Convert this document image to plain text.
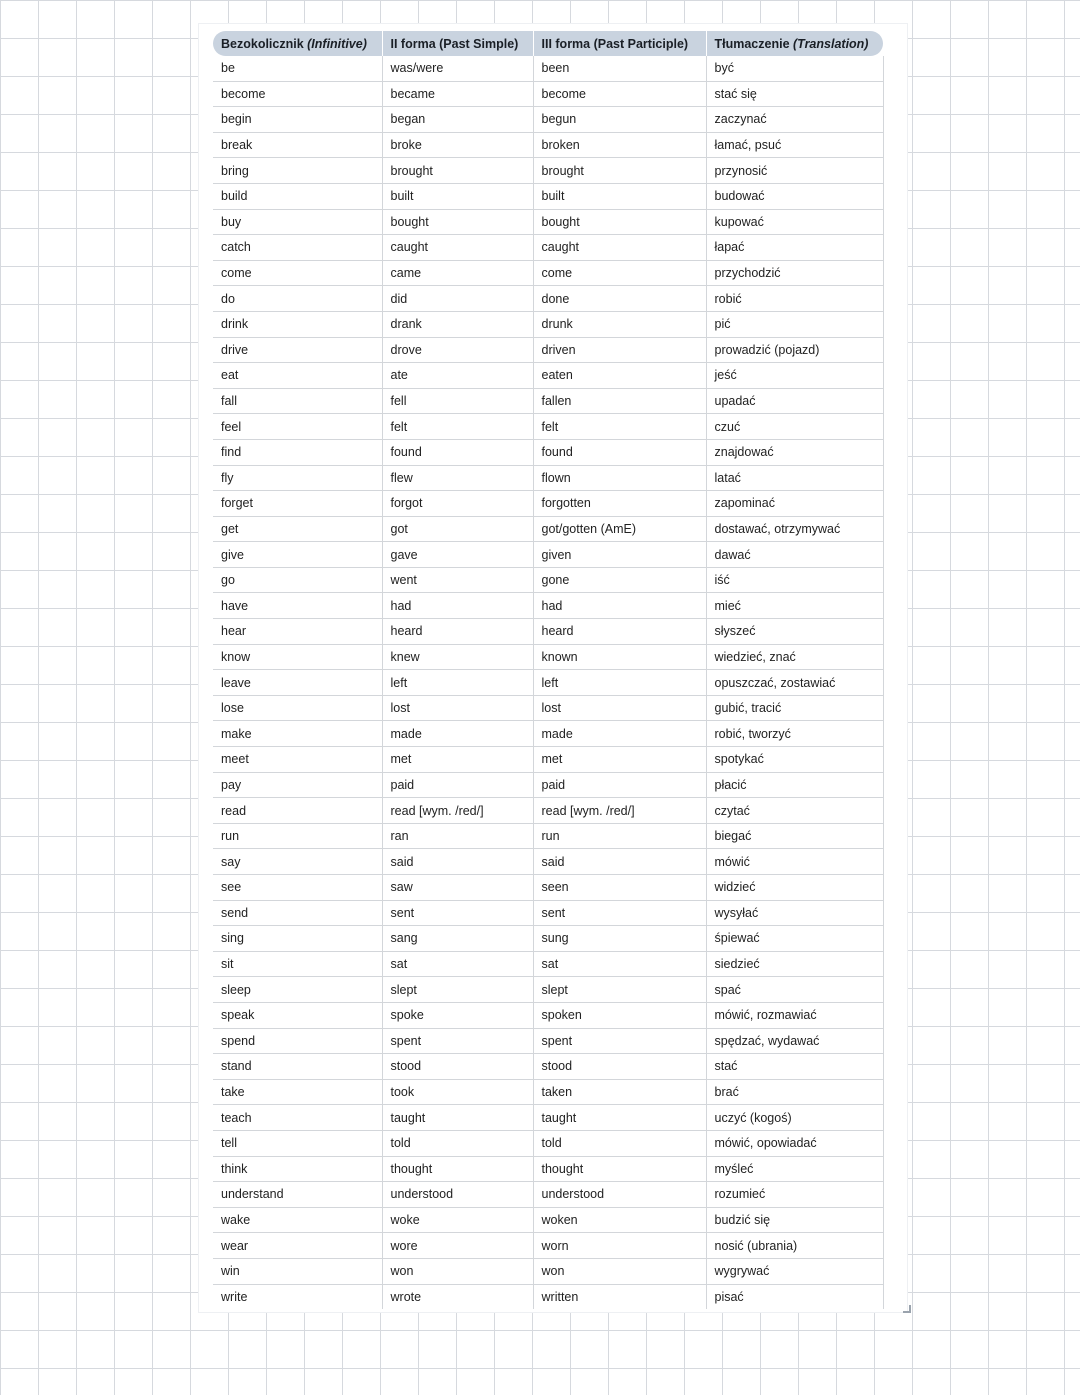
Bezokolicznik (Infinitive)	II forma (Past Simple)	III forma (Past Participle)	Tłumaczenie (Translation)
be	was/were	been	być
become	became	become	stać się
begin	began	begun	zaczynać
break	broke	broken	łamać, psuć
bring	brought	brought	przynosić
build	built	built	budować
buy	bought	bought	kupować
catch	caught	caught	łapać
come	came	come	przychodzić
do	did	done	robić
drink	drank	drunk	pić
drive	drove	driven	prowadzić (pojazd)
eat	ate	eaten	jeść
fall	fell	fallen	upadać
feel	felt	felt	czuć
find	found	found	znajdować
fly	flew	flown	latać
forget	forgot	forgotten	zapominać
get	got	got/gotten (AmE)	dostawać, otrzymywać
give	gave	given	dawać
go	went	gone	iść
have	had	had	mieć
hear	heard	heard	słyszeć
know	knew	known	wiedzieć, znać
leave	left	left	opuszczać, zostawiać
lose	lost	lost	gubić, tracić
make	made	made	robić, tworzyć
meet	met	met	spotykać
pay	paid	paid	płacić
read	read [wym. /red/]	read [wym. /red/]	czytać
run	ran	run	biegać
say	said	said	mówić
see	saw	seen	widzieć
send	sent	sent	wysyłać
sing	sang	sung	śpiewać
sit	sat	sat	siedzieć
sleep	slept	slept	spać
speak	spoke	spoken	mówić, rozmawiać
spend	spent	spent	spędzać, wydawać
stand	stood	stood	stać
take	took	taken	brać
teach	taught	taught	uczyć (kogoś)
tell	told	told	mówić, opowiadać
think	thought	thought	myśleć
understand	understood	understood	rozumieć
wake	woke	woken	budzić się
wear	wore	worn	nosić (ubrania)
win	won	won	wygrywać
write	wrote	written	pisać
